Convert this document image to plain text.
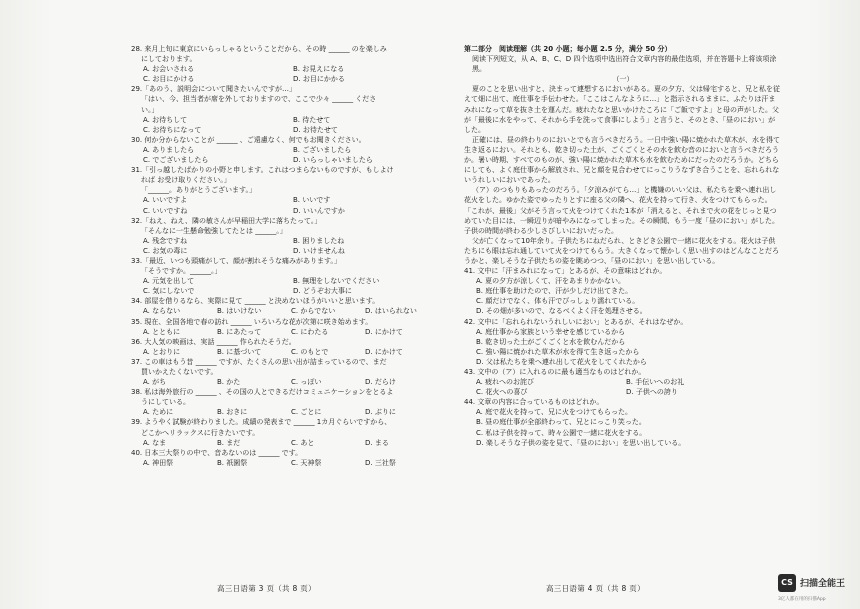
28. 来月上旬に東京にいらっしゃるということだから、その時 ______ のを楽しみ

にしております。

A. お会いされる	B. お見えになる
C. お目にかける	D. お目にかかる

29.「あのう、説明会について聞きたいんですが…」

「はい、今、担当者が席を外しておりますので、ここで少々 ______ くださ

い。」

A. お待ちして	B. 待たせて
C. お待ちになって	D. お待たせて

30. 何か分からないことが ______ 、ご遠慮なく、何でもお聞きください。

A. ありましたら	B. ございましたら
C. でございましたら	D. いらっしゃいましたら

31.「引っ越したばかりの小野と申します。これはつまらないものですが、もしよけ

れば お受け取りください。」

「______。ありがとうございます。」

A. いいですよ	B. いいです
C. いいですね	D. いいんですか

32.「ねえ、ねえ、隣の敏さんが早稲田大学に落ちたって。」

「そんなに一生懸命勉強してたとは ______。」

A. 残念ですね	B. 困りましたね
C. お気の毒に	D. いけませんね

33.「最近、いつも頭痛がして、顔が割れそうな痛みがあります。」

「そうですか。______。」

A. 元気を出して	B. 無理をしないでください
C. 気にしないで	D. どうぞお大事に

34. 部屋を借りるなら、実際に見て ______ と決めないほうがいいと思います。

A. ならない	B. はいけない	C. からでない	D. はいられない

35. 現在、全国各地で春の訪れ ______ いろいろな花が次第に咲き始めます。

A. とともに	B. にあたって	C. にわたる	D. にかけて

36. 大人気の映画は、実話 ______ 作られたそうだ。

A. とおりに	B. に基づいて	C. のもとで	D. にかけて

37. この車はもう昔 ______ ですが、たくさんの思い出が詰まっているので、まだ

買いかえたくないです。

A. がち	B. かた	C. っぽい	D. だらけ

38. 私は海外旅行の ______ 、その国の人とできるだけコミュニケーションをとるよ

うにしている。

A. ために	B. おきに	C. ごとに	D. ぶりに

39. ようやく試験が終わりました。成績の発表まで ______ 1カ月ぐらいですから、

どこかへリラックスに行きたいです。

A. なま	B. まだ	C. あと	D. まる

40. 日本三大祭りの中で、音あないのは ______ です。

A. 神田祭	B. 祇園祭	C. 天神祭	D. 三社祭

第二部分　阅读理解（共 20 小题；每小题 2.5 分，满分 50 分）

阅读下列短文，从 A、B、C、D 四个选项中选出符合文章内容的最佳选项，并在答题卡上将该项涂黑。

（一）

夏のことを思い出すと、決まって連想するにおいがある。夏の夕方、父は帰宅すると、兄と私を従えて畑に出て、庭仕事を手伝わせた。「ここはこんなように…」と指示されるままに、ふたりは汗まみれになって草を抜き土を運んだ。疲れたなと思いかけたころに「ご飯ですよ」と母の声がした。父が「最後に水をやって、それから手を洗って食事にしよう」と言うと、そのとき、「昼のにおい」がした。

正確には、昼の終わりのにおいとでも言うべきだろう。一日中強い陽に焼かれた草木が、水を得て生き返るにおい。それとも、乾き切った土が、ごくごくとその水を飲む音のにおいと言うべきだろうか。暑い時期、すべてのものが、強い陽に焼かれた草木も水を飲むためにだったのだろうか。どちらにしても、よく庭仕事から解放され、兄と顔を見合わせてにっこりうなずき合うことを、忘れられないうれしいにおいであった。

（ア）のつもりもあったのだろう。「夕涼みがてら…」と機嫌のいい父は、私たちを乗へ連れ出し花火をした。ゆかた姿でゆったりとすに座る父の隣へ、花火を持って行き、火をつけてもらった。「これが、最後」父がそう言って火をつけてくれた1本が「消えると、それまで火の花をじっと見つめていた目には、一瞬辺りが暗やみになってしまった。その瞬間、もう一度「昼のにおい」がした。子供の時間が終わる少しさびしいにおいだった。

父が亡くなって10年余り。子供たちにねだられ、ときどき公園で一緒に花火をする。花火は子供たちにも眼は忘れ通していて火をつけてもらう。大きくなって懐かしく思い出すのはどんなことだろうかと、楽しそうな子供たちの姿を眺めつつ、「昼のにおい」を思い出している。

41. 文中に「汗まみれになって」とあるが、その意味はどれか。

A. 夏の夕方が涼しくて、汗をあまりかかない。
B. 庭仕事を助けたので、汗が少しだけ出てきた。
C. 顔だけでなく、体も汗でびっしょり濡れている。
D. その畑が多いので、なるべくよく汗を処理させる。

42. 文中に「忘れられないうれしいにおい」とあるが、それはなぜか。

A. 庭仕事から家族という幸せを感じているから
B. 乾き切った土がごくごくと水を飲むんだから
C. 強い陽に焼かれた草木が水を得て生き返ったから
D. 父は私たちを乗へ連れ出して花火をしてくれたから

43. 文中の（ア）に入れるのに最も適当なものはどれか。

A. 疲れへのお詫び	B. 手伝いへのお礼
C. 花火への喜び	D. 子供への誇り

44. 文章の内容に合っているものはどれか。

A. 庭で花火を持って、兄に火をつけてもらった。
B. 昼の庭仕事が全部終わって、兄とにっこり笑った。
C. 私は子供を持って、時々公園で一緒に花火をする。
D. 楽しそうな子供の姿を見て、「昼のにおい」を思い出している。
高三日语第 3 页（共 8 页）	高三日语第 4 页（共 8 页）
CS 扫描全能王
3亿人都在用的扫描App
